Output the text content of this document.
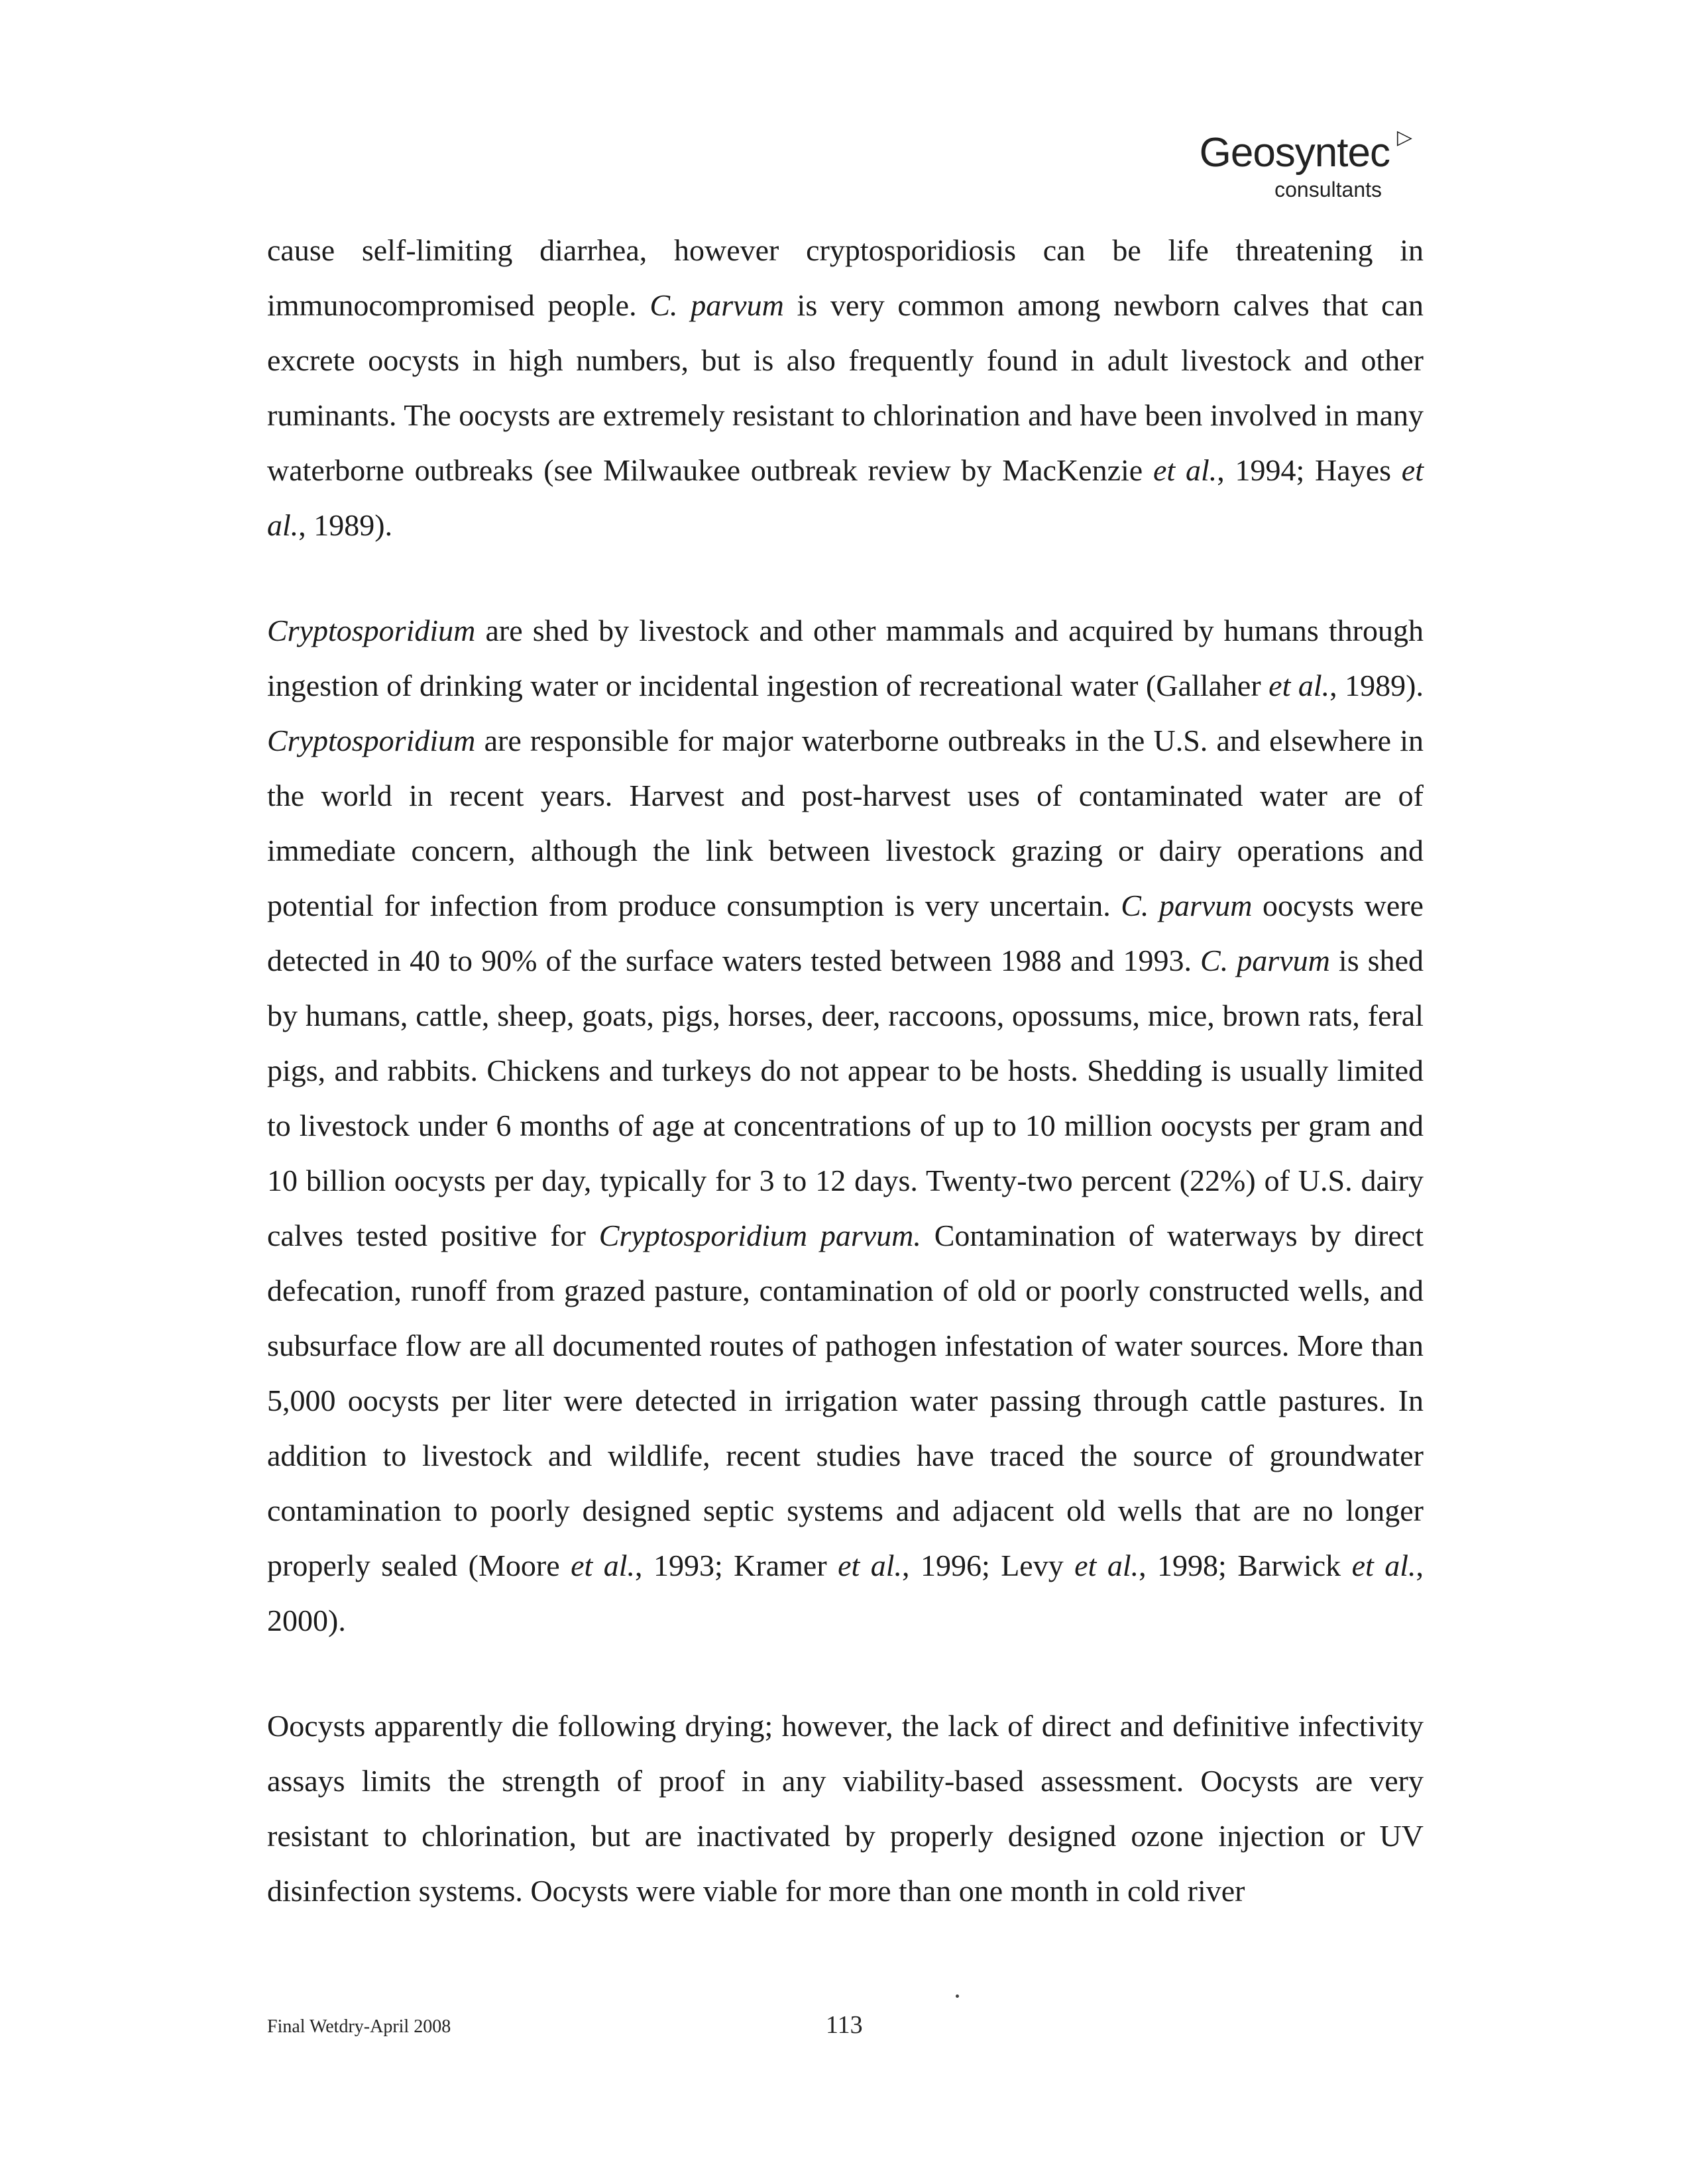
Geosyntec ▷
consultants

cause self-limiting diarrhea, however cryptosporidiosis can be life threatening in immunocompromised people. C. parvum is very common among newborn calves that can excrete oocysts in high numbers, but is also frequently found in adult livestock and other ruminants. The oocysts are extremely resistant to chlorination and have been involved in many waterborne outbreaks (see Milwaukee outbreak review by MacKenzie et al., 1994; Hayes et al., 1989).

Cryptosporidium are shed by livestock and other mammals and acquired by humans through ingestion of drinking water or incidental ingestion of recreational water (Gallaher et al., 1989). Cryptosporidium are responsible for major waterborne outbreaks in the U.S. and elsewhere in the world in recent years. Harvest and post-harvest uses of contaminated water are of immediate concern, although the link between livestock grazing or dairy operations and potential for infection from produce consumption is very uncertain. C. parvum oocysts were detected in 40 to 90% of the surface waters tested between 1988 and 1993. C. parvum is shed by humans, cattle, sheep, goats, pigs, horses, deer, raccoons, opossums, mice, brown rats, feral pigs, and rabbits. Chickens and turkeys do not appear to be hosts. Shedding is usually limited to livestock under 6 months of age at concentrations of up to 10 million oocysts per gram and 10 billion oocysts per day, typically for 3 to 12 days. Twenty-two percent (22%) of U.S. dairy calves tested positive for Cryptosporidium parvum. Contamination of waterways by direct defecation, runoff from grazed pasture, contamination of old or poorly constructed wells, and subsurface flow are all documented routes of pathogen infestation of water sources. More than 5,000 oocysts per liter were detected in irrigation water passing through cattle pastures. In addition to livestock and wildlife, recent studies have traced the source of groundwater contamination to poorly designed septic systems and adjacent old wells that are no longer properly sealed (Moore et al., 1993; Kramer et al., 1996; Levy et al., 1998; Barwick et al., 2000).

Oocysts apparently die following drying; however, the lack of direct and definitive infectivity assays limits the strength of proof in any viability-based assessment. Oocysts are very resistant to chlorination, but are inactivated by properly designed ozone injection or UV disinfection systems. Oocysts were viable for more than one month in cold river

Final Wetdry-April 2008	113
